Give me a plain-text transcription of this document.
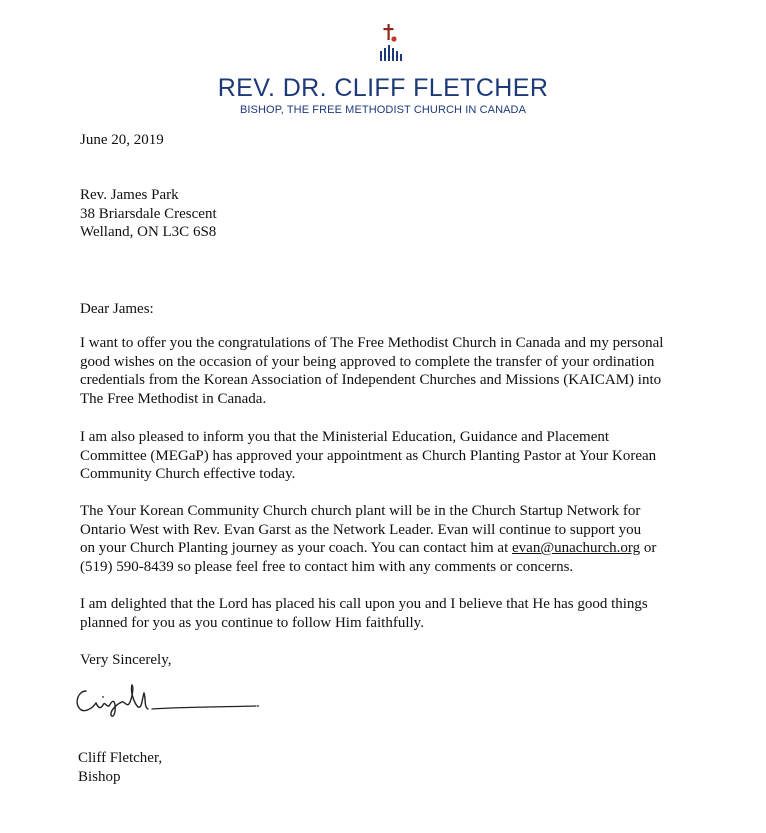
REV. DR. CLIFF FLETCHER
BISHOP, THE FREE METHODIST CHURCH IN CANADA
June 20, 2019
Rev. James Park
38 Briarsdale Crescent
Welland, ON L3C 6S8
Dear James:
I want to offer you the congratulations of The Free Methodist Church in Canada and my personal
good wishes on the occasion of your being approved to complete the transfer of your ordination
credentials from the Korean Association of Independent Churches and Missions (KAICAM) into
The Free Methodist in Canada.
I am also pleased to inform you that the Ministerial Education, Guidance and Placement
Committee (MEGaP) has approved your appointment as Church Planting Pastor at Your Korean
Community Church effective today.
The Your Korean Community Church church plant will be in the Church Startup Network for
Ontario West with Rev. Evan Garst as the Network Leader. Evan will continue to support you
on your Church Planting journey as your coach. You can contact him at evan@unachurch.org or
(519) 590-8439 so please feel free to contact him with any comments or concerns.
I am delighted that the Lord has placed his call upon you and I believe that He has good things
planned for you as you continue to follow Him faithfully.
Very Sincerely,
Cliff Fletcher,
Bishop
